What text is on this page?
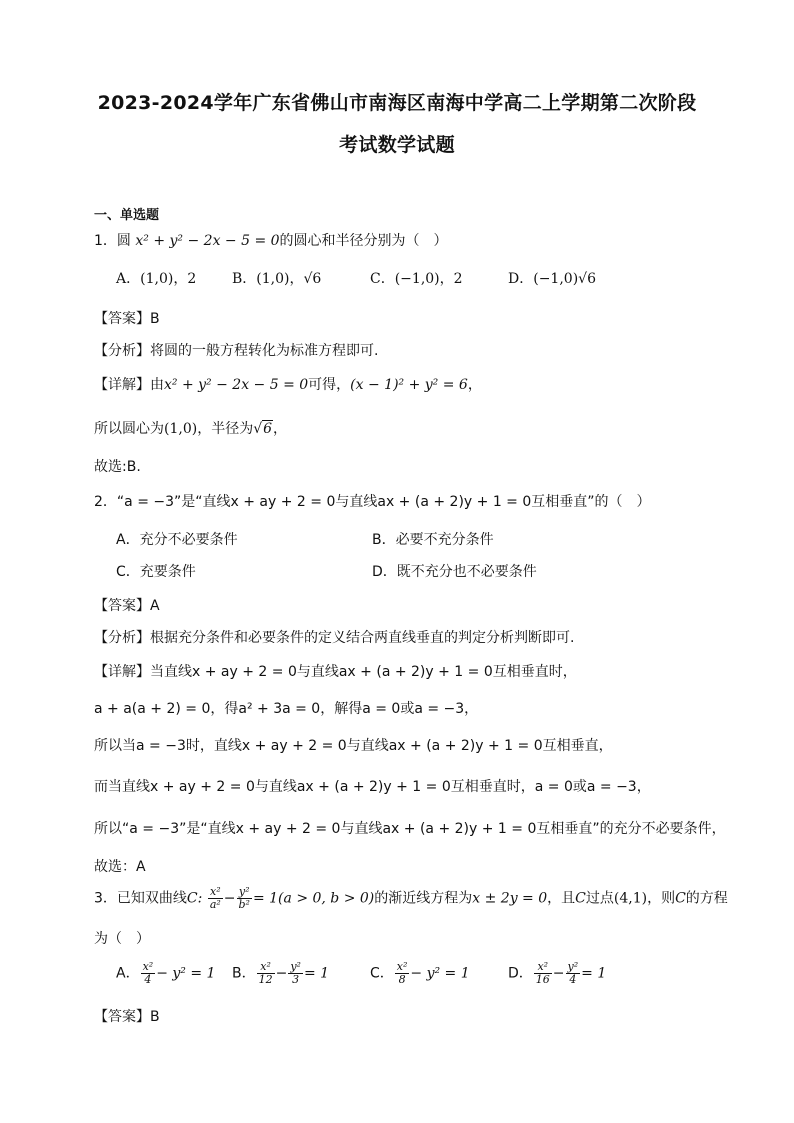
2023-2024学年广东省佛山市南海区南海中学高二上学期第二次阶段
考试数学试题
一、单选题
1．圆 x² + y² − 2x − 5 = 0的圆心和半径分别为（　）
A．(1,0)，2	B．(1,0)，√6	C．(−1,0)，2	D．(−1,0)√6
【答案】B
【分析】将圆的一般方程转化为标准方程即可.
【详解】由x² + y² − 2x − 5 = 0可得，(x − 1)² + y² = 6，
所以圆心为(1,0)，半径为√6，
故选:B.
2．“a = −3”是“直线x + ay + 2 = 0与直线ax + (a + 2)y + 1 = 0互相垂直”的（　）
A．充分不必要条件	B．必要不充分条件
C．充要条件	D．既不充分也不必要条件
【答案】A
【分析】根据充分条件和必要条件的定义结合两直线垂直的判定分析判断即可.
【详解】当直线x + ay + 2 = 0与直线ax + (a + 2)y + 1 = 0互相垂直时，
a + a(a + 2) = 0，得a² + 3a = 0，解得a = 0或a = −3，
所以当a = −3时，直线x + ay + 2 = 0与直线ax + (a + 2)y + 1 = 0互相垂直，
而当直线x + ay + 2 = 0与直线ax + (a + 2)y + 1 = 0互相垂直时，a = 0或a = −3，
所以“a = −3”是“直线x + ay + 2 = 0与直线ax + (a + 2)y + 1 = 0互相垂直”的充分不必要条件，
故选：A
3．已知双曲线C: $\frac{\text{x²}}{\text{a²}} - \frac{\text{y²}}{\text{b²}} = 1(a > 0$, b > 0)的渐近线方程为x ± 2y = 0，且C过点(4,1)，则C的方程
为（　）
A． $\frac{\text{x²}}{4} - y^2 = 1$ B． $\frac{\text{x²}}{12} - \frac{\text{y²}}{3} = 1$	C． $\frac{\text{x²}}{8} - y^2 = 1$	D． $\frac{\text{x²}}{16} - \frac{\text{y²}}{4} = 1$
【答案】B
